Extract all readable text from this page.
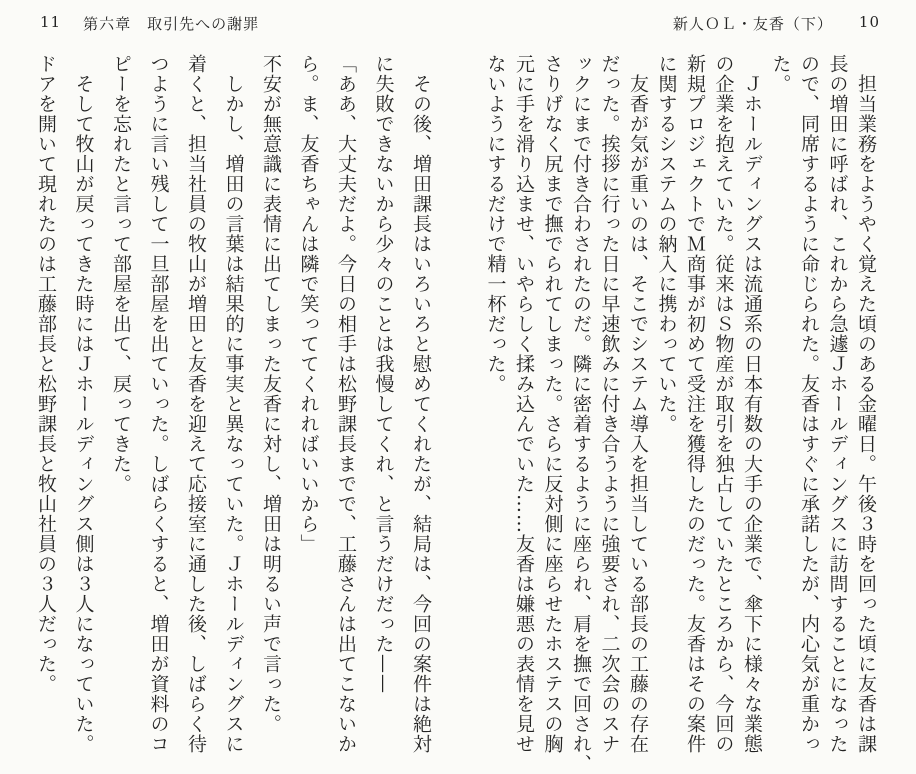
11 第六章　取引先への謝罪	新人ＯＬ・友香（下） 10
　担当業務をようやく覚えた頃のある金曜日。午後３時を回った頃に友香は課
長の増田に呼ばれ、これから急遽Ｊホールディングスに訪問することになった
ので、同席するように命じられた。友香はすぐに承諾したが、内心気が重かっ
た。
　Ｊホールディングスは流通系の日本有数の大手の企業で、傘下に様々な業態
の企業を抱えていた。従来はＳ物産が取引を独占していたところから、今回の
新規プロジェクトでＭ商事が初めて受注を獲得したのだった。友香はその案件
に関するシステムの納入に携わっていた。
　友香が気が重いのは、そこでシステム導入を担当している部長の工藤の存在
だった。挨拶に行った日に早速飲みに付き合うように強要され、二次会のスナ
ックにまで付き合わされたのだ。隣に密着するように座られ、肩を撫で回され、
さりげなく尻まで撫でられてしまった。さらに反対側に座らせたホステスの胸
元に手を滑り込ませ、いやらしく揉み込んでいた……友香は嫌悪の表情を見せ
ないようにするだけで精一杯だった。
　その後、増田課長はいろいろと慰めてくれたが、結局は、今回の案件は絶対
に失敗できないから少々のことは我慢してくれ、と言うだけだった——
「ああ、大丈夫だよ。今日の相手は松野課長までで、工藤さんは出てこないか
ら。ま、友香ちゃんは隣で笑っててくれればいいから」
不安が無意識に表情に出てしまった友香に対し、増田は明るい声で言った。
　しかし、増田の言葉は結果的に事実と異なっていた。Ｊホールディングスに
着くと、担当社員の牧山が増田と友香を迎えて応接室に通した後、しばらく待
つように言い残して一旦部屋を出ていった。しばらくすると、増田が資料のコ
ピーを忘れたと言って部屋を出て、戻ってきた。
　そして牧山が戻ってきた時にはＪホールディングス側は３人になっていた。
ドアを開いて現れたのは工藤部長と松野課長と牧山社員の３人だった。
